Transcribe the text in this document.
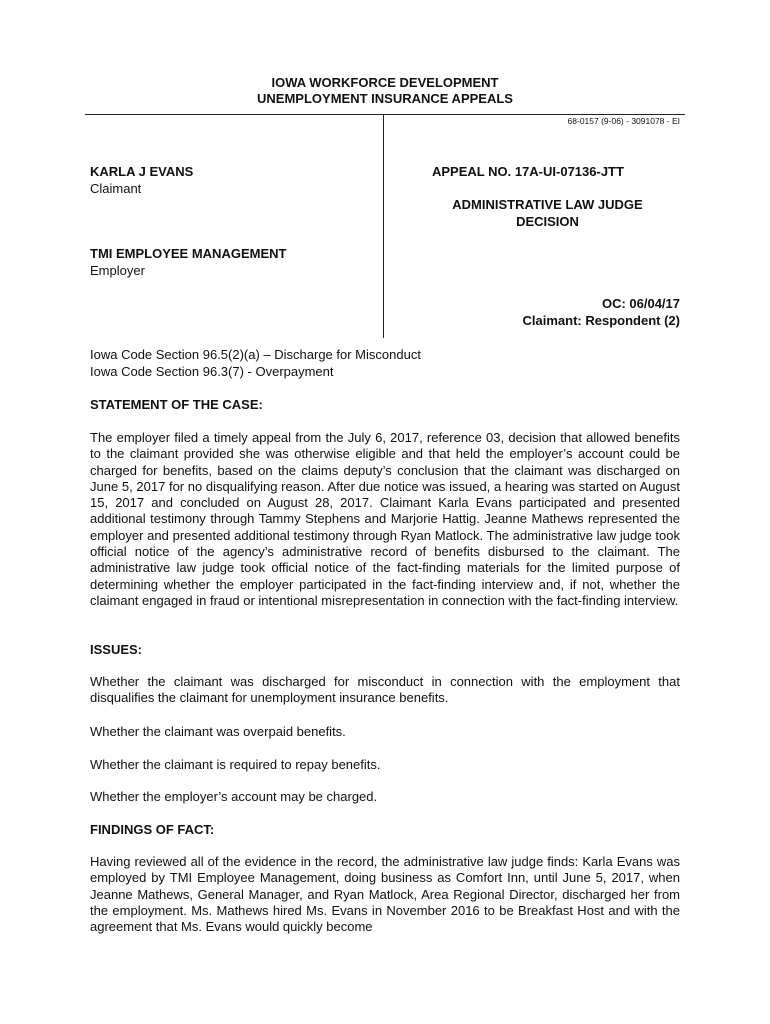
IOWA WORKFORCE DEVELOPMENT
UNEMPLOYMENT INSURANCE APPEALS
68-0157 (9-06) - 3091078 - EI
KARLA J EVANS
Claimant
TMI EMPLOYEE MANAGEMENT
Employer
APPEAL NO. 17A-UI-07136-JTT
ADMINISTRATIVE LAW JUDGE
DECISION
OC: 06/04/17
Claimant: Respondent (2)
Iowa Code Section 96.5(2)(a) – Discharge for Misconduct
Iowa Code Section 96.3(7) - Overpayment
STATEMENT OF THE CASE:
The employer filed a timely appeal from the July 6, 2017, reference 03, decision that allowed benefits to the claimant provided she was otherwise eligible and that held the employer’s account could be charged for benefits, based on the claims deputy’s conclusion that the claimant was discharged on June 5, 2017 for no disqualifying reason. After due notice was issued, a hearing was started on August 15, 2017 and concluded on August 28, 2017. Claimant Karla Evans participated and presented additional testimony through Tammy Stephens and Marjorie Hattig. Jeanne Mathews represented the employer and presented additional testimony through Ryan Matlock. The administrative law judge took official notice of the agency’s administrative record of benefits disbursed to the claimant. The administrative law judge took official notice of the fact-finding materials for the limited purpose of determining whether the employer participated in the fact-finding interview and, if not, whether the claimant engaged in fraud or intentional misrepresentation in connection with the fact-finding interview.
ISSUES:
Whether the claimant was discharged for misconduct in connection with the employment that disqualifies the claimant for unemployment insurance benefits.
Whether the claimant was overpaid benefits.
Whether the claimant is required to repay benefits.
Whether the employer’s account may be charged.
FINDINGS OF FACT:
Having reviewed all of the evidence in the record, the administrative law judge finds: Karla Evans was employed by TMI Employee Management, doing business as Comfort Inn, until June 5, 2017, when Jeanne Mathews, General Manager, and Ryan Matlock, Area Regional Director, discharged her from the employment. Ms. Mathews hired Ms. Evans in November 2016 to be Breakfast Host and with the agreement that Ms. Evans would quickly become
